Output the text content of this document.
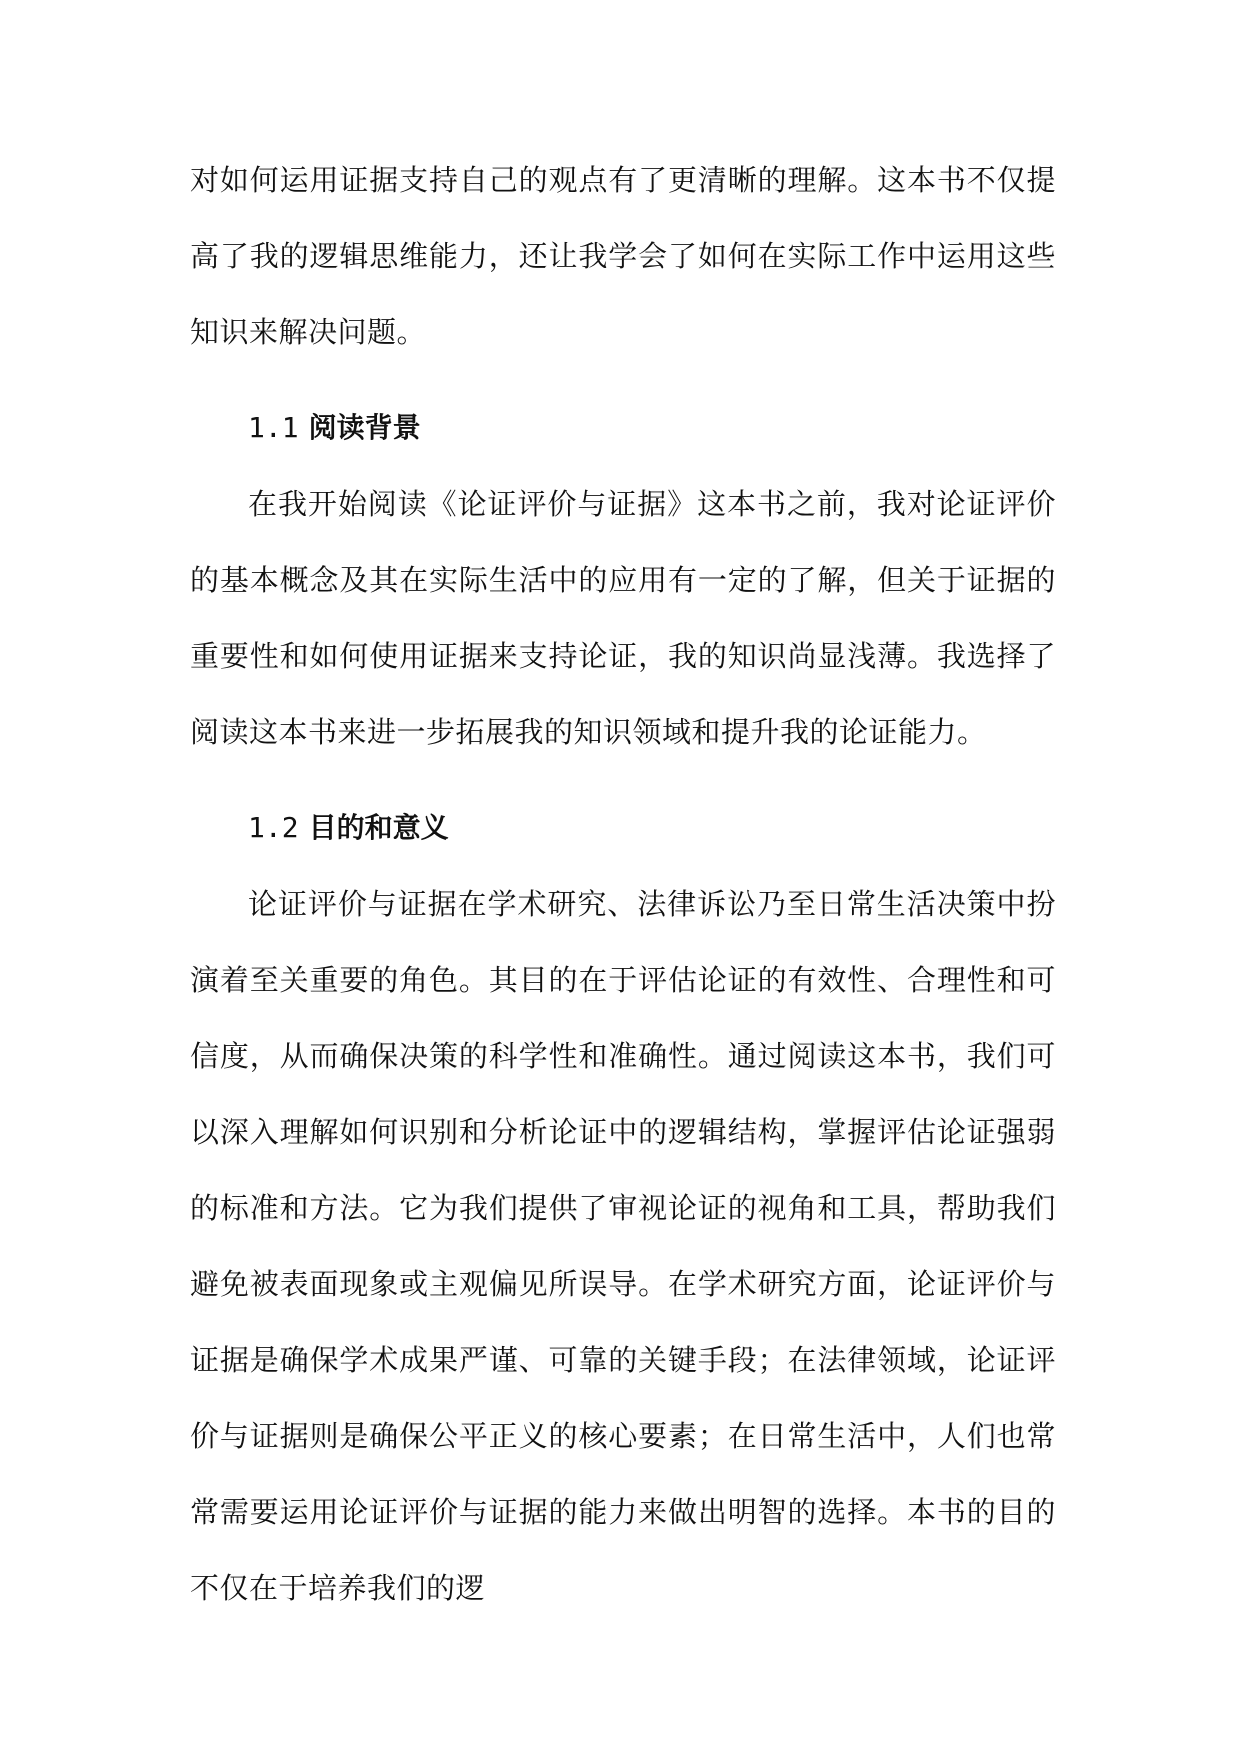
对如何运用证据支持自己的观点有了更清晰的理解。这本书不仅提高了我的逻辑思维能力，还让我学会了如何在实际工作中运用这些知识来解决问题。

1.1 阅读背景

在我开始阅读《论证评价与证据》这本书之前，我对论证评价的基本概念及其在实际生活中的应用有一定的了解，但关于证据的重要性和如何使用证据来支持论证，我的知识尚显浅薄。我选择了阅读这本书来进一步拓展我的知识领域和提升我的论证能力。

1.2 目的和意义

论证评价与证据在学术研究、法律诉讼乃至日常生活决策中扮演着至关重要的角色。其目的在于评估论证的有效性、合理性和可信度，从而确保决策的科学性和准确性。通过阅读这本书，我们可以深入理解如何识别和分析论证中的逻辑结构，掌握评估论证强弱的标准和方法。它为我们提供了审视论证的视角和工具，帮助我们避免被表面现象或主观偏见所误导。在学术研究方面，论证评价与证据是确保学术成果严谨、可靠的关键手段；在法律领域，论证评价与证据则是确保公平正义的核心要素；在日常生活中，人们也常常需要运用论证评价与证据的能力来做出明智的选择。本书的目的不仅在于培养我们的逻
